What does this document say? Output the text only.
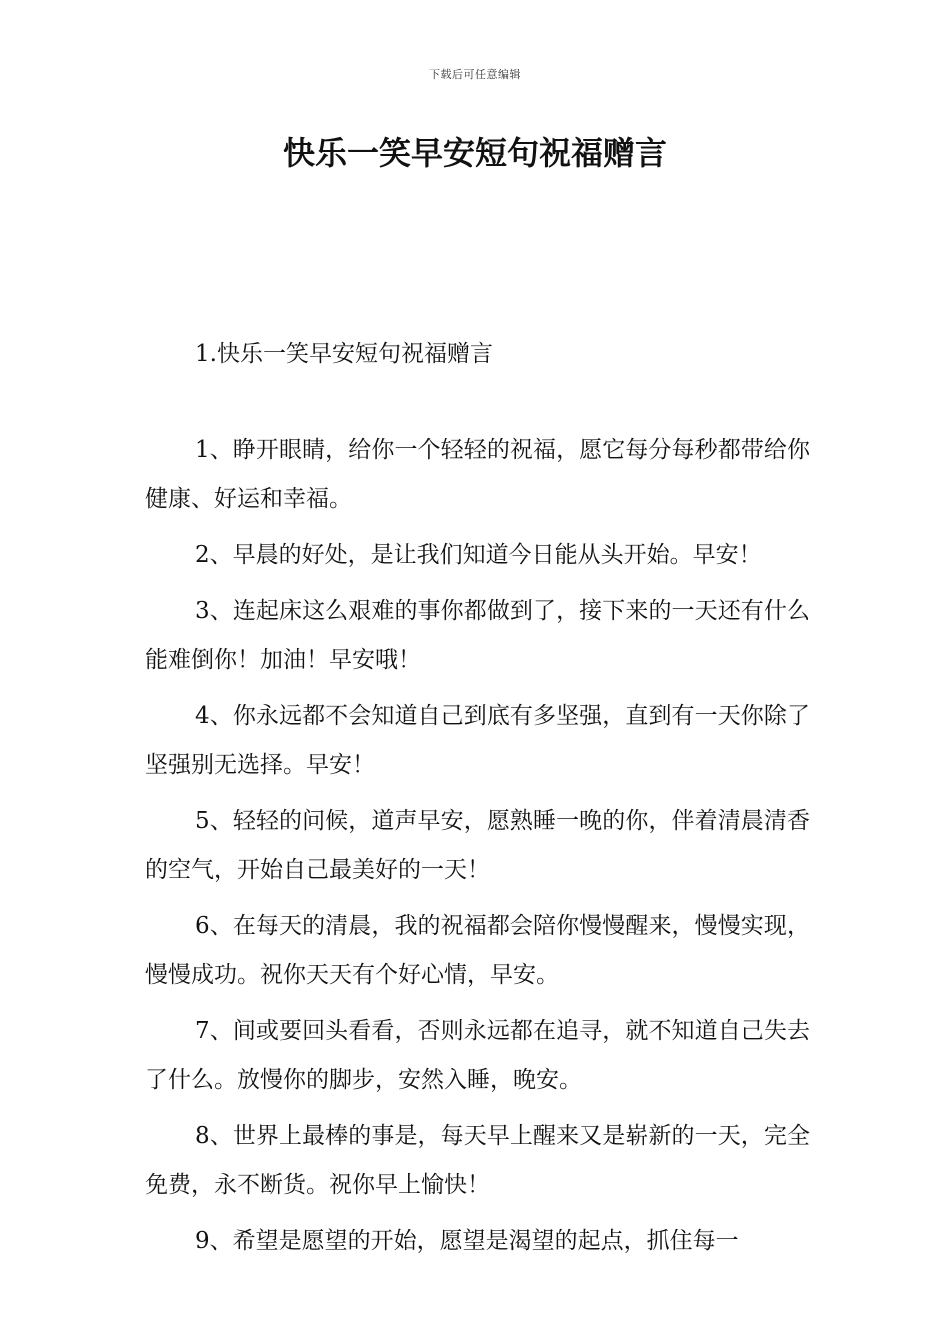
下载后可任意编辑
快乐一笑早安短句祝福赠言
1.快乐一笑早安短句祝福赠言

1、睁开眼睛，给你一个轻轻的祝福，愿它每分每秒都带给你健康、好运和幸福。

2、早晨的好处，是让我们知道今日能从头开始。早安！

3、连起床这么艰难的事你都做到了，接下来的一天还有什么能难倒你！加油！早安哦！

4、你永远都不会知道自己到底有多坚强，直到有一天你除了坚强别无选择。早安！

5、轻轻的问候，道声早安，愿熟睡一晚的你，伴着清晨清香的空气，开始自己最美好的一天！

6、在每天的清晨，我的祝福都会陪你慢慢醒来，慢慢实现，慢慢成功。祝你天天有个好心情，早安。

7、间或要回头看看，否则永远都在追寻，就不知道自己失去了什么。放慢你的脚步，安然入睡，晚安。

8、世界上最棒的事是，每天早上醒来又是崭新的一天，完全免费，永不断货。祝你早上愉快！

9、希望是愿望的开始，愿望是渴望的起点，抓住每一
